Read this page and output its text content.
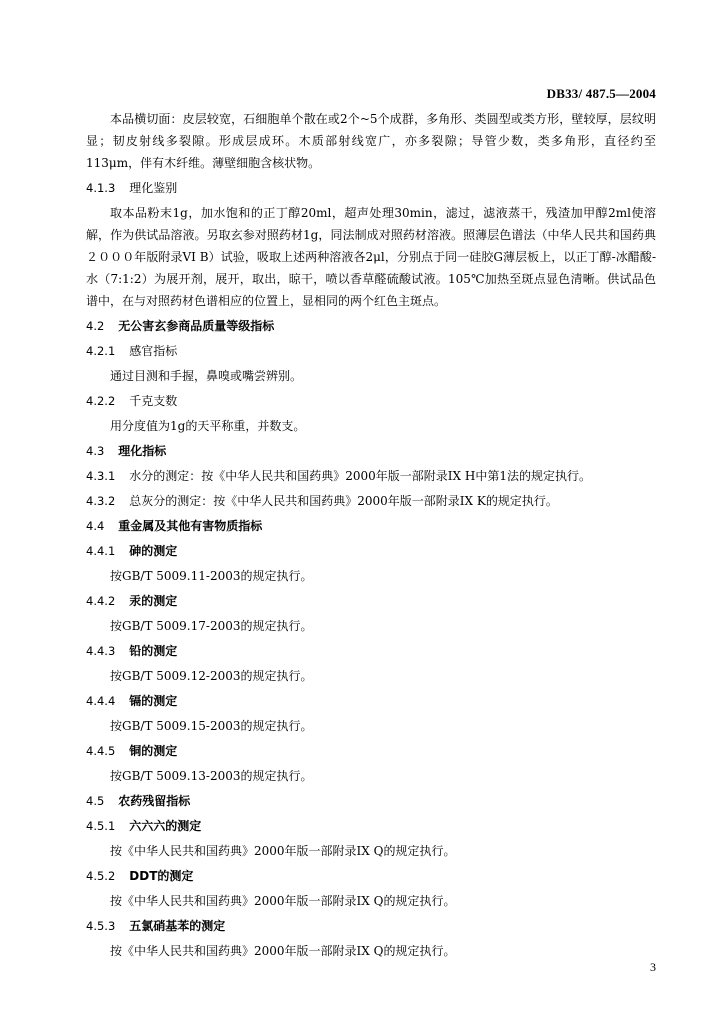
DB33/ 487.5—2004

本品横切面：皮层较宽，石细胞单个散在或2个~5个成群，多角形、类圆型或类方形，壁较厚，层纹明显；韧皮射线多裂隙。形成层成环。木质部射线宽广，亦多裂隙；导管少数，类多角形，直径约至113μm，伴有木纤维。薄壁细胞含核状物。

4.1.3 理化鉴别

取本品粉末1g，加水饱和的正丁醇20ml，超声处理30min，滤过，滤液蒸干，残渣加甲醇2ml使溶解，作为供试品溶液。另取玄参对照药材1g，同法制成对照药材溶液。照薄层色谱法（中华人民共和国药典２０００年版附录VI B）试验，吸取上述两种溶液各2μl，分别点于同一硅胶G薄层板上，以正丁醇-冰醋酸-水（7:1:2）为展开剂，展开，取出，晾干，喷以香草醛硫酸试液。105℃加热至斑点显色清晰。供试品色谱中，在与对照药材色谱相应的位置上，显相同的两个红色主斑点。

4.2 无公害玄参商品质量等级指标
4.2.1 感官指标
通过目测和手握，鼻嗅或嘴尝辨别。
4.2.2 千克支数
用分度值为1g的天平称重，并数支。
4.3 理化指标
4.3.1 水分的测定：按《中华人民共和国药典》2000年版一部附录IX H中第1法的规定执行。
4.3.2 总灰分的测定：按《中华人民共和国药典》2000年版一部附录IX K的规定执行。
4.4 重金属及其他有害物质指标
4.4.1 砷的测定
按GB/T 5009.11-2003的规定执行。
4.4.2 汞的测定
按GB/T 5009.17-2003的规定执行。
4.4.3 铅的测定
按GB/T 5009.12-2003的规定执行。
4.4.4 镉的测定
按GB/T 5009.15-2003的规定执行。
4.4.5 铜的测定
按GB/T 5009.13-2003的规定执行。
4.5 农药残留指标
4.5.1 六六六的测定
按《中华人民共和国药典》2000年版一部附录IX Q的规定执行。
4.5.2 DDT的测定
按《中华人民共和国药典》2000年版一部附录IX Q的规定执行。
4.5.3 五氯硝基苯的测定
按《中华人民共和国药典》2000年版一部附录IX Q的规定执行。
3
